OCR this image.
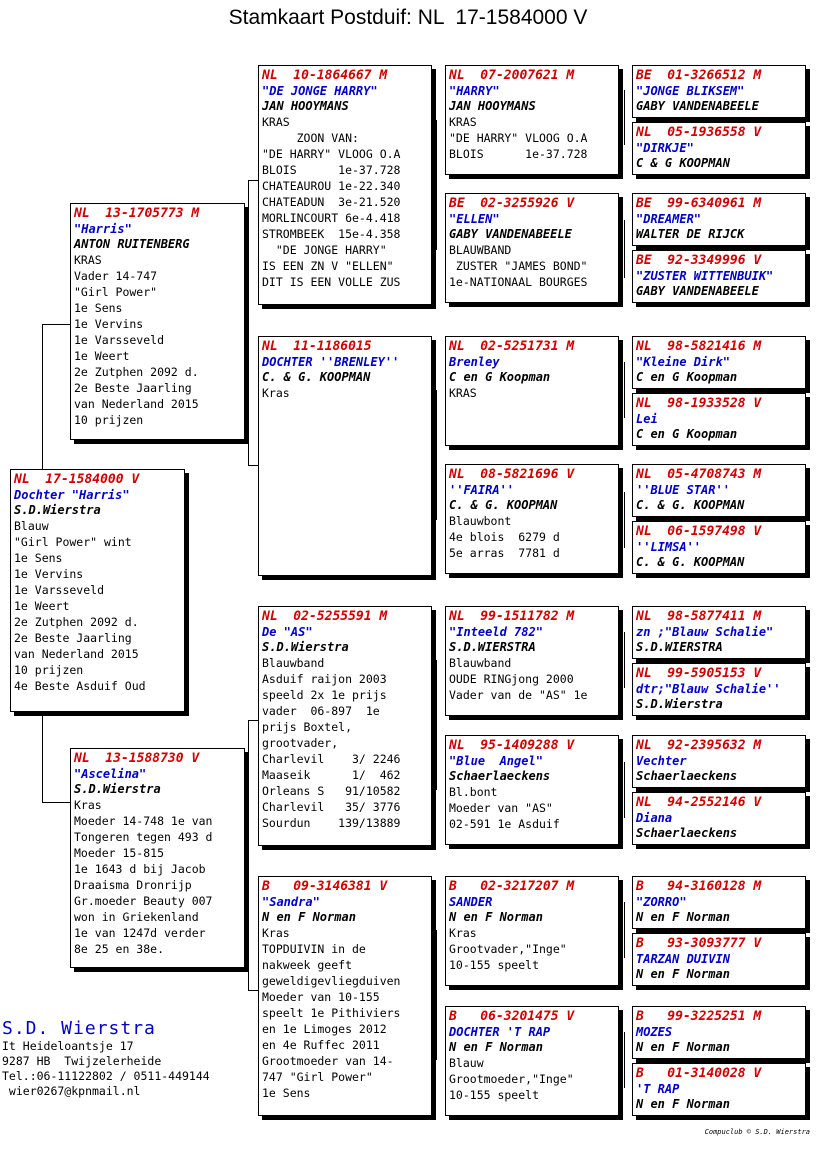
Stamkaart Postduif: NL  17-1584000 V
NL  17-1584000 V
Dochter "Harris"
S.D.Wierstra
Blauw
"Girl Power" wint
1e Sens
1e Vervins
1e Varsseveld
1e Weert
2e Zutphen 2092 d.
2e Beste Jaarling
van Nederland 2015
10 prijzen
4e Beste Asduif Oud
NL  13-1705773 M
"Harris"
ANTON RUITENBERG
KRAS
Vader 14-747
"Girl Power"
1e Sens
1e Vervins
1e Varsseveld
1e Weert
2e Zutphen 2092 d.
2e Beste Jaarling
van Nederland 2015
10 prijzen
NL  13-1588730 V
"Ascelina"
S.D.Wierstra
Kras
Moeder 14-748 1e van
Tongeren tegen 493 d
Moeder 15-815
1e 1643 d bij Jacob
Draaisma Dronrijp
Gr.moeder Beauty 007
won in Griekenland
1e van 1247d verder
8e 25 en 38e.
NL  10-1864667 M
"DE JONGE HARRY"
JAN HOOYMANS
KRAS
ZOON VAN:
"DE HARRY" VLOOG O.A
BLOIS      1e-37.728
CHATEAUROU 1e-22.340
CHATEADUN  3e-21.520
MORLINCOURT 6e-4.418
STROMBEEK  15e-4.358
"DE JONGE HARRY"
IS EEN ZN V "ELLEN"
DIT IS EEN VOLLE ZUS
NL  11-1186015
DOCHTER ''BRENLEY''
C. & G. KOOPMAN
Kras
NL  02-5255591 M
De "AS"
S.D.Wierstra
Blauwband
Asduif raijon 2003
speeld 2x 1e prijs
vader  06-897  1e
prijs Boxtel,
grootvader,
Charlevil    3/ 2246
Maaseik      1/  462
Orleans S   91/10582
Charlevil   35/ 3776
Sourdun    139/13889
B   09-3146381 V
"Sandra"
N en F Norman
Kras
TOPDUIVIN in de
nakweek geeft
geweldigevliegduiven
Moeder van 10-155
speelt 1e Pithiviers
en 1e Limoges 2012
en 4e Ruffec 2011
Grootmoeder van 14-
747 "Girl Power"
1e Sens
NL  07-2007621 M
"HARRY"
JAN HOOYMANS
KRAS
"DE HARRY" VLOOG O.A
BLOIS      1e-37.728
BE  02-3255926 V
"ELLEN"
GABY VANDENABEELE
BLAUWBAND
ZUSTER "JAMES BOND"
1e-NATIONAAL BOURGES
NL  02-5251731 M
Brenley
C en G Koopman
KRAS
NL  08-5821696 V
''FAIRA''
C. & G. KOOPMAN
Blauwbont
4e blois  6279 d
5e arras  7781 d
NL  99-1511782 M
"Inteeld 782"
S.D.WIERSTRA
Blauwband
OUDE RINGjong 2000
Vader van de "AS" 1e
NL  95-1409288 V
"Blue  Angel"
Schaerlaeckens
Bl.bont
Moeder van "AS"
02-591 1e Asduif
B   02-3217207 M
SANDER
N en F Norman
Kras
Grootvader,"Inge"
10-155 speelt
B   06-3201475 V
DOCHTER 'T RAP
N en F Norman
Blauw
Grootmoeder,"Inge"
10-155 speelt
BE  01-3266512 M
"JONGE BLIKSEM"
GABY VANDENABEELE
NL  05-1936558 V
"DIRKJE"
C & G KOOPMAN
BE  99-6340961 M
"DREAMER"
WALTER DE RIJCK
BE  92-3349996 V
"ZUSTER WITTENBUIK"
GABY VANDENABEELE
NL  98-5821416 M
"Kleine Dirk"
C en G Koopman
NL  98-1933528 V
Lei
C en G Koopman
NL  05-4708743 M
''BLUE STAR''
C. & G. KOOPMAN
NL  06-1597498 V
''LIMSA''
C. & G. KOOPMAN
NL  98-5877411 M
zn ;"Blauw Schalie"
S.D.WIERSTRA
NL  99-5905153 V
dtr;"Blauw Schalie''
S.D.Wierstra
NL  92-2395632 M
Vechter
Schaerlaeckens
NL  94-2552146 V
Diana
Schaerlaeckens
B   94-3160128 M
"ZORRO"
N en F Norman
B   93-3093777 V
TARZAN DUIVIN
N en F Norman
B   99-3225251 M
MOZES
N en F Norman
B   01-3140028 V
'T RAP
N en F Norman
S.D. Wierstra
It Heideloantsje 17
9287 HB  Twijzelerheide
Tel.:06-11122802 / 0511-449144
wier0267@kpnmail.nl
Compuclub © S.D. Wierstra
